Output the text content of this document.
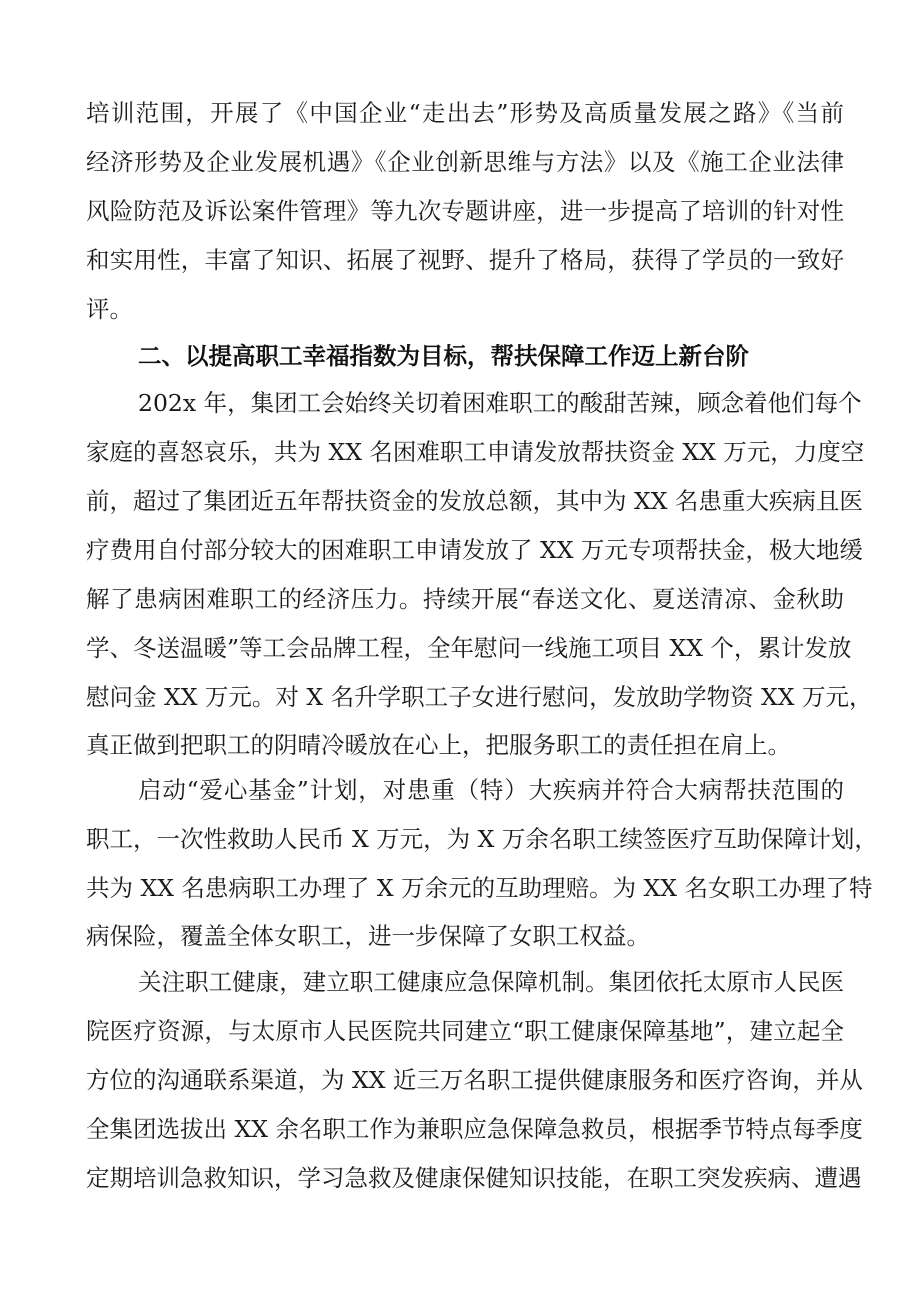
培训范围，开展了《中国企业“走出去”形势及高质量发展之路》《当前
经济形势及企业发展机遇》《企业创新思维与方法》以及《施工企业法律
风险防范及诉讼案件管理》等九次专题讲座，进一步提高了培训的针对性
和实用性，丰富了知识、拓展了视野、提升了格局，获得了学员的一致好
评。
二、以提高职工幸福指数为目标，帮扶保障工作迈上新台阶
202x 年，集团工会始终关切着困难职工的酸甜苦辣，顾念着他们每个
家庭的喜怒哀乐，共为 XX 名困难职工申请发放帮扶资金 XX 万元，力度空
前，超过了集团近五年帮扶资金的发放总额，其中为 XX 名患重大疾病且医
疗费用自付部分较大的困难职工申请发放了 XX 万元专项帮扶金，极大地缓
解了患病困难职工的经济压力。持续开展“春送文化、夏送清凉、金秋助
学、冬送温暖”等工会品牌工程，全年慰问一线施工项目 XX 个，累计发放
慰问金 XX 万元。对 X 名升学职工子女进行慰问，发放助学物资 XX 万元，
真正做到把职工的阴晴冷暖放在心上，把服务职工的责任担在肩上。
启动“爱心基金”计划，对患重（特）大疾病并符合大病帮扶范围的
职工，一次性救助人民币 X 万元，为 X 万余名职工续签医疗互助保障计划，
共为 XX 名患病职工办理了 X 万余元的互助理赔。为 XX 名女职工办理了特
病保险，覆盖全体女职工，进一步保障了女职工权益。
关注职工健康，建立职工健康应急保障机制。集团依托太原市人民医
院医疗资源，与太原市人民医院共同建立“职工健康保障基地”，建立起全
方位的沟通联系渠道，为 XX 近三万名职工提供健康服务和医疗咨询，并从
全集团选拔出 XX 余名职工作为兼职应急保障急救员，根据季节特点每季度
定期培训急救知识，学习急救及健康保健知识技能，在职工突发疾病、遭遇
